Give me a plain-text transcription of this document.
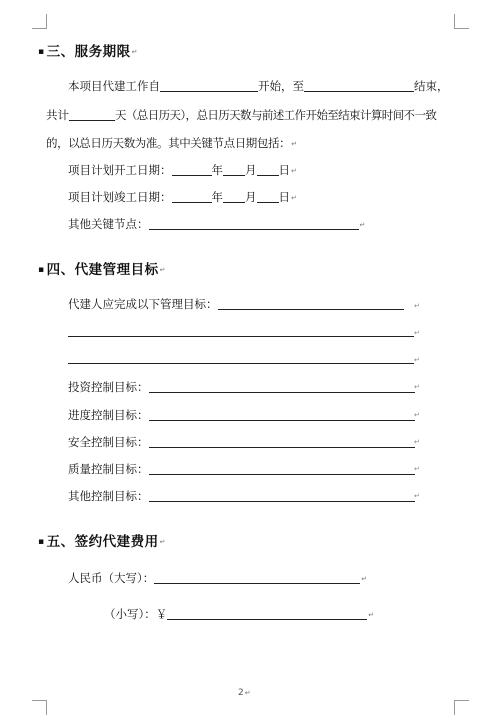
▪ 三、服务期限↵
本项目代建工作自	开始，至	结束，
共计	天（总日历天），总日历天数与前述工作开始至结束计算时间不一致
的，以总日历天数为准。其中关键节点日期包括：↵
项目计划开工日期：	年 月 日↵
项目计划竣工日期：	年 月 日↵
其他关键节点：	↵
▪ 四、代建管理目标↵
代建人应完成以下管理目标：	↵
↵
↵
投资控制目标：	↵
进度控制目标：	↵
安全控制目标：	↵
质量控制目标：	↵
其他控制目标：	↵
▪ 五、签约代建费用↵
人民币（大写）：	↵
（小写）：￥	↵
2↵
